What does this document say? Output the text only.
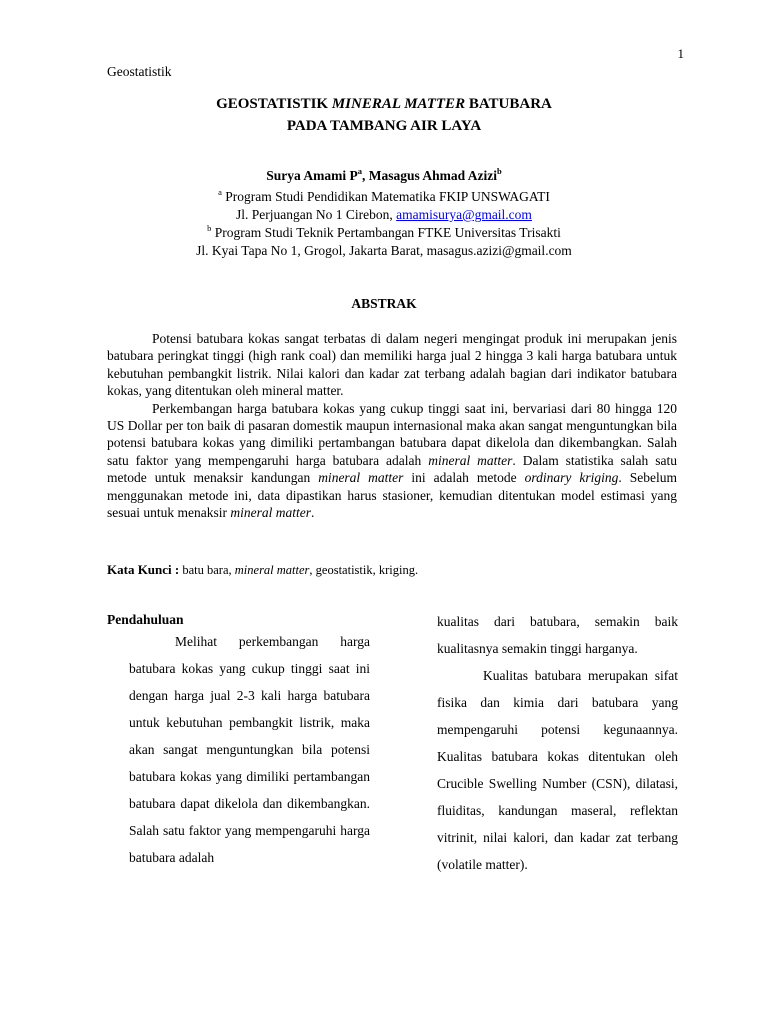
1
Geostatistik
GEOSTATISTIK MINERAL MATTER BATUBARA
PADA TAMBANG AIR LAYA
Surya Amami $P^a$, Masagus Ahmad Azizi$^b$
$^a$ Program Studi Pendidikan Matematika FKIP UNSWAGATI
Jl. Perjuangan No 1 Cirebon, amamisurya@gmail.com
$^b$ Program Studi Teknik Pertambangan FTKE Universitas Trisakti
Jl. Kyai Tapa No 1, Grogol, Jakarta Barat, masagus.azizi@gmail.com
ABSTRAK

Potensi batubara kokas sangat terbatas di dalam negeri mengingat produk ini merupakan jenis batubara peringkat tinggi (high rank coal) dan memiliki harga jual 2 hingga 3 kali harga batubara untuk kebutuhan pembangkit listrik. Nilai kalori dan kadar zat terbang adalah bagian dari indikator batubara kokas, yang ditentukan oleh mineral matter.

Perkembangan harga batubara kokas yang cukup tinggi saat ini, bervariasi dari 80 hingga 120 US Dollar per ton baik di pasaran domestik maupun internasional maka akan sangat menguntungkan bila potensi batubara kokas yang dimiliki pertambangan batubara dapat dikelola dan dikembangkan. Salah satu faktor yang mempengaruhi harga batubara adalah mineral matter. Dalam statistika salah satu metode untuk menaksir kandungan mineral matter ini adalah metode ordinary kriging. Sebelum menggunakan metode ini, data dipastikan harus stasioner, kemudian ditentukan model estimasi yang sesuai untuk menaksir mineral matter.

Kata Kunci : batu bara, mineral matter, geostatistik, kriging.
Pendahuluan

Melihat perkembangan harga batubara kokas yang cukup tinggi saat ini dengan harga jual 2-3 kali harga batubara untuk kebutuhan pembangkit listrik, maka akan sangat menguntungkan bila potensi batubara kokas yang dimiliki pertambangan batubara dapat dikelola dan dikembangkan. Salah satu faktor yang mempengaruhi harga batubara adalah

kualitas dari batubara, semakin baik kualitasnya semakin tinggi harganya.

Kualitas batubara merupakan sifat fisika dan kimia dari batubara yang mempengaruhi potensi kegunaannya. Kualitas batubara kokas ditentukan oleh Crucible Swelling Number (CSN), dilatasi, fluiditas, kandungan maseral, reflektan vitrinit, nilai kalori, dan kadar zat terbang (volatile matter).
